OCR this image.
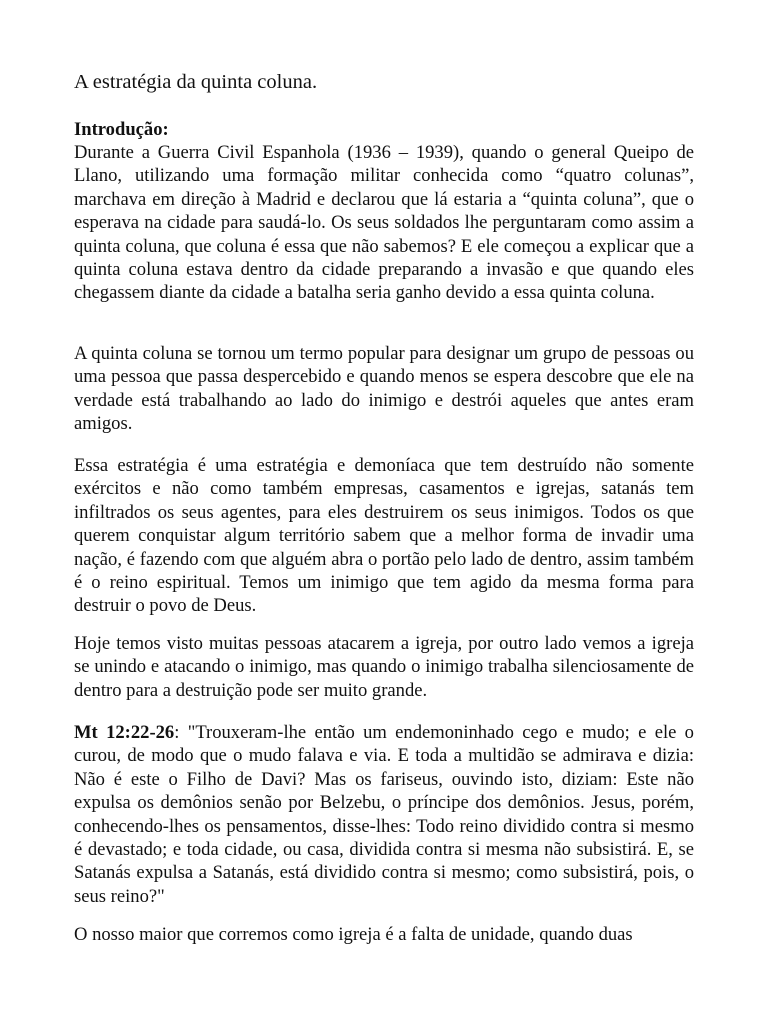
A estratégia da quinta coluna.

Introdução:

Durante a Guerra Civil Espanhola (1936 – 1939), quando o general Queipo de Llano, utilizando uma formação militar conhecida como “quatro colunas”, marchava em direção à Madrid e declarou que lá estaria a “quinta coluna”, que o esperava na cidade para saudá-lo. Os seus soldados lhe perguntaram como assim a quinta coluna, que coluna é essa que não sabemos? E ele começou a explicar que a quinta coluna estava dentro da cidade preparando a invasão e que quando eles chegassem diante da cidade a batalha seria ganho devido a essa quinta coluna.

A quinta coluna se tornou um termo popular para designar um grupo de pessoas ou uma pessoa que passa despercebido e quando menos se espera descobre que ele na verdade está trabalhando ao lado do inimigo e destrói aqueles que antes eram amigos.

Essa estratégia é uma estratégia e demoníaca que tem destruído não somente exércitos e não como também empresas, casamentos e igrejas, satanás tem infiltrados os seus agentes, para eles destruirem os seus inimigos. Todos os que querem conquistar algum território sabem que a melhor forma de invadir uma nação, é fazendo com que alguém abra o portão pelo lado de dentro, assim também é o reino espiritual. Temos um inimigo que tem agido da mesma forma para destruir o povo de Deus.

Hoje temos visto muitas pessoas atacarem a igreja, por outro lado vemos a igreja se unindo e atacando o inimigo, mas quando o inimigo trabalha silenciosamente de dentro para a destruição pode ser muito grande.

Mt 12:22-26: "Trouxeram-lhe então um endemoninhado cego e mudo; e ele o curou, de modo que o mudo falava e via. E toda a multidão se admirava e dizia: Não é este o Filho de Davi? Mas os fariseus, ouvindo isto, diziam: Este não expulsa os demônios senão por Belzebu, o príncipe dos demônios. Jesus, porém, conhecendo-lhes os pensamentos, disse-lhes: Todo reino dividido contra si mesmo é devastado; e toda cidade, ou casa, dividida contra si mesma não subsistirá. E, se Satanás expulsa a Satanás, está dividido contra si mesmo; como subsistirá, pois, o seus reino?"

O nosso maior que corremos como igreja é a falta de unidade, quando duas
